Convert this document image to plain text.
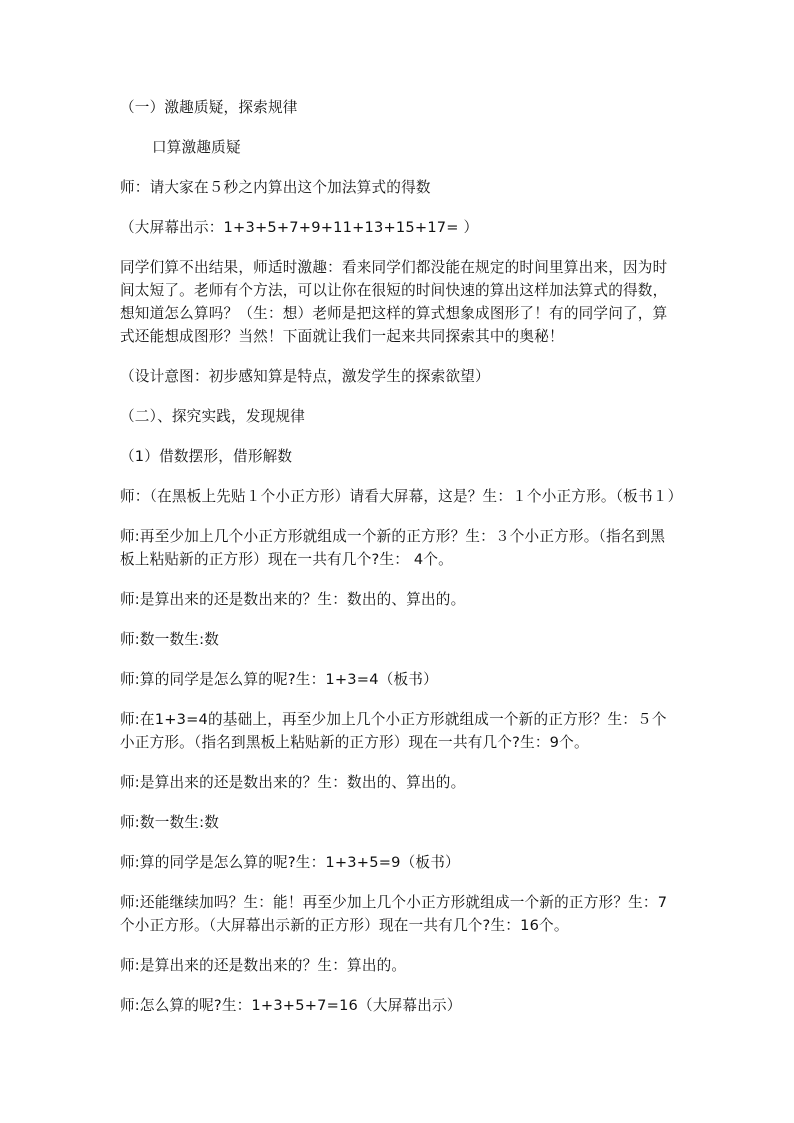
（一）激趣质疑，探索规律

口算激趣质疑

师：请大家在５秒之内算出这个加法算式的得数

（大屏幕出示：1+3+5+7+9+11+13+15+17= ）

同学们算不出结果，师适时激趣：看来同学们都没能在规定的时间里算出来，因为时间太短了。老师有个方法，可以让你在很短的时间快速的算出这样加法算式的得数，想知道怎么算吗？（生：想）老师是把这样的算式想象成图形了！有的同学问了，算式还能想成图形？当然！下面就让我们一起来共同探索其中的奥秘！

（设计意图：初步感知算是特点，激发学生的探索欲望）

（二）、探究实践，发现规律

（1）借数摆形，借形解数

师：（在黑板上先贴１个小正方形）请看大屏幕，这是？生：１个小正方形。（板书１）

师:再至少加上几个小正方形就组成一个新的正方形？生：３个小正方形。（指名到黑板上粘贴新的正方形）现在一共有几个?生： 4个。

师:是算出来的还是数出来的？生：数出的、算出的。

师:数一数生:数

师:算的同学是怎么算的呢?生：1+3=4（板书）

师:在1+3=4的基础上，再至少加上几个小正方形就组成一个新的正方形？生：５个小正方形。（指名到黑板上粘贴新的正方形）现在一共有几个?生：9个。

师:是算出来的还是数出来的？生：数出的、算出的。

师:数一数生:数

师:算的同学是怎么算的呢?生：1+3+5=9（板书）

师:还能继续加吗？生：能！再至少加上几个小正方形就组成一个新的正方形？生：7个小正方形。（大屏幕出示新的正方形）现在一共有几个?生：16个。

师:是算出来的还是数出来的？生：算出的。

师:怎么算的呢?生：1+3+5+7=16（大屏幕出示）
